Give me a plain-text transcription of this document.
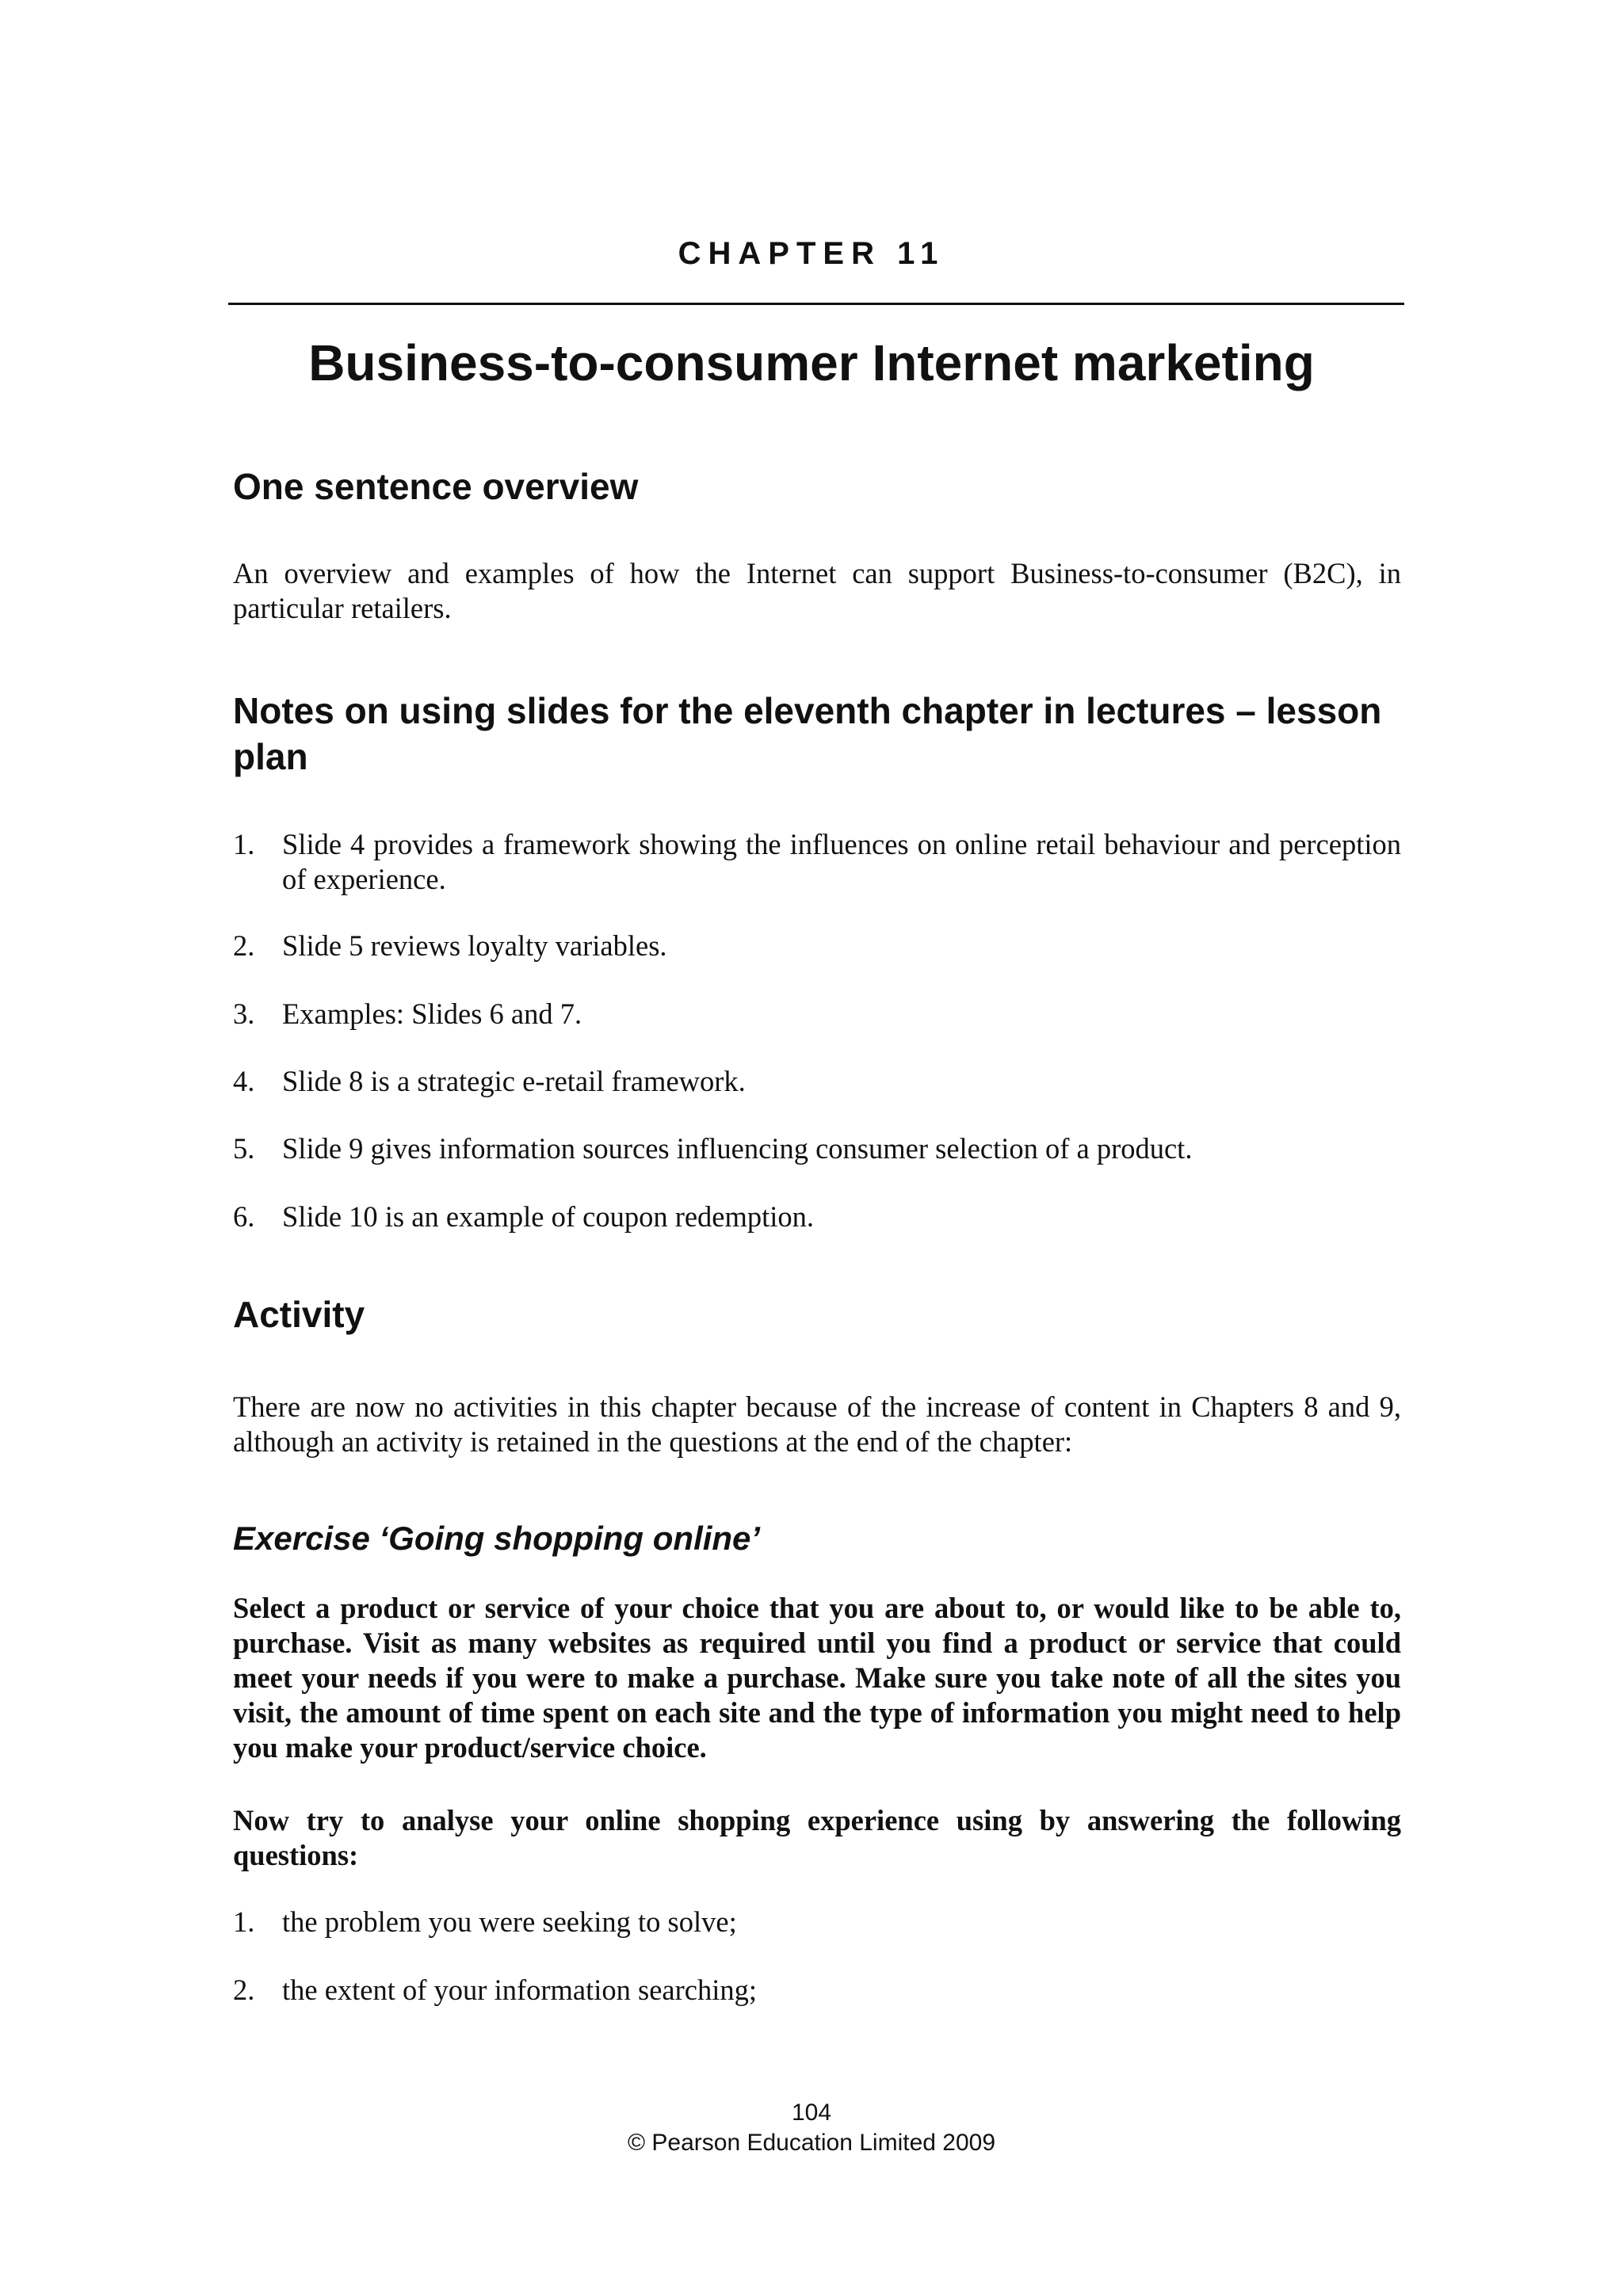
CHAPTER 11
Business-to-consumer Internet marketing
One sentence overview

An overview and examples of how the Internet can support Business-to-consumer (B2C), in particular retailers.

Notes on using slides for the eleventh chapter in lectures – lesson plan
1. Slide 4 provides a framework showing the influences on online retail behaviour and perception of experience.
2. Slide 5 reviews loyalty variables.
3. Examples: Slides 6 and 7.
4. Slide 8 is a strategic e-retail framework.
5. Slide 9 gives information sources influencing consumer selection of a product.
6. Slide 10 is an example of coupon redemption.
Activity

There are now no activities in this chapter because of the increase of content in Chapters 8 and 9, although an activity is retained in the questions at the end of the chapter:

Exercise ‘Going shopping online’

Select a product or service of your choice that you are about to, or would like to be able to, purchase. Visit as many websites as required until you find a product or service that could meet your needs if you were to make a purchase. Make sure you take note of all the sites you visit, the amount of time spent on each site and the type of information you might need to help you make your product/service choice.

Now try to analyse your online shopping experience using by answering the following questions:

1. the problem you were seeking to solve;
2. the extent of your information searching;
104
© Pearson Education Limited 2009
